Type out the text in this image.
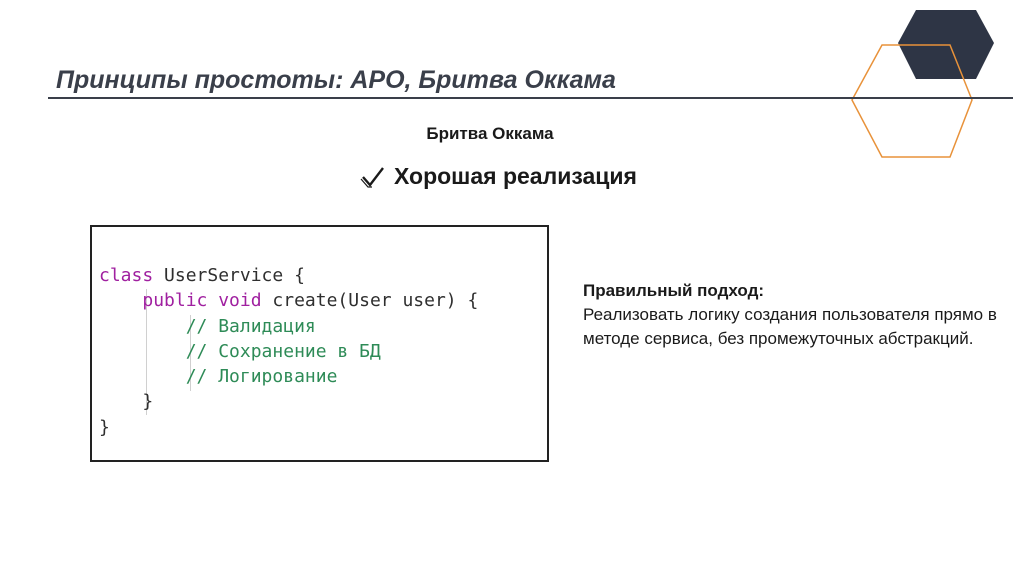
Принципы простоты: АРО, Бритва Оккама
Бритва Оккама
Хорошая реализация
class UserService {
public void create(User user) {
// Валидация
// Сохранение в БД
// Логирование
}
}
Правильный подход:
Реализовать логику создания пользователя прямо в методе сервиса, без промежуточных абстракций.
